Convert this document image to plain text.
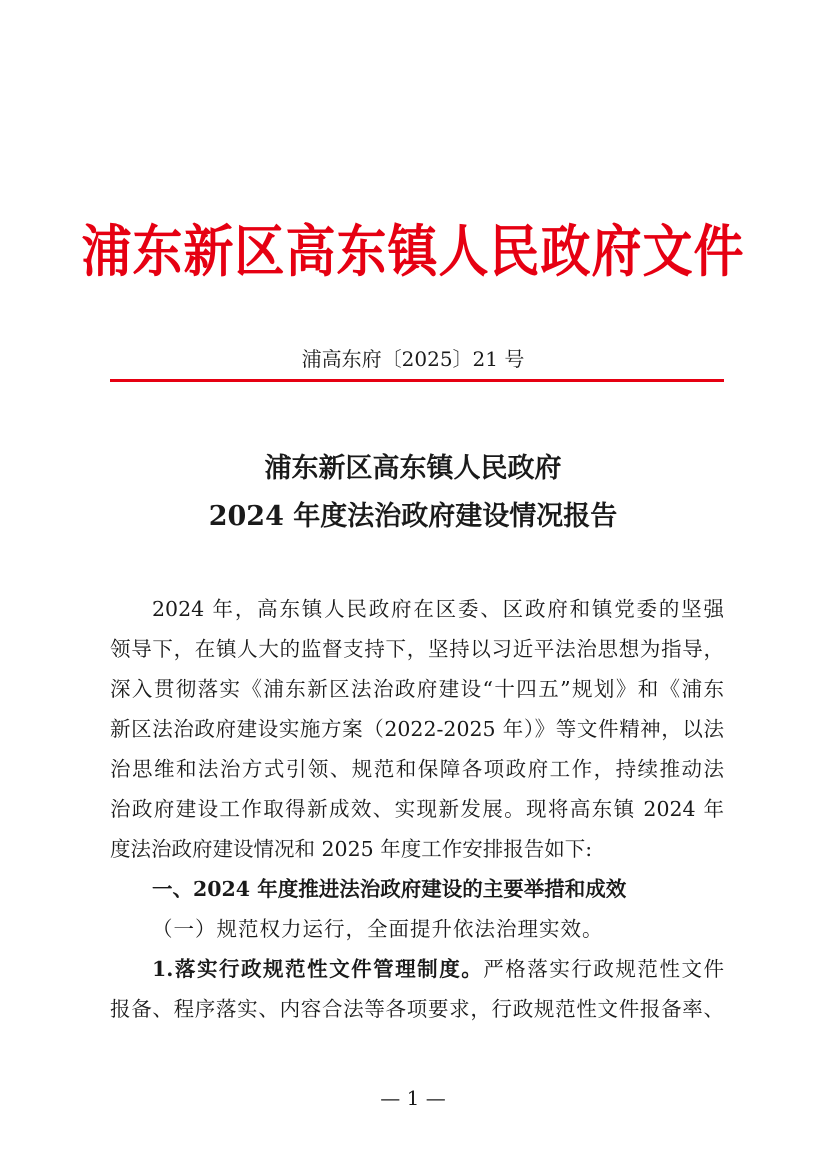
浦东新区高东镇人民政府文件
浦高东府〔2025〕21 号
浦东新区高东镇人民政府
2024 年度法治政府建设情况报告
2024 年，高东镇人民政府在区委、区政府和镇党委的坚强
领导下，在镇人大的监督支持下，坚持以习近平法治思想为指导，
深入贯彻落实《浦东新区法治政府建设“十四五”规划》和《浦东
新区法治政府建设实施方案（2022-2025 年）》等文件精神，以法
治思维和法治方式引领、规范和保障各项政府工作，持续推动法
治政府建设工作取得新成效、实现新发展。现将高东镇 2024 年
度法治政府建设情况和 2025 年度工作安排报告如下:
一、2024 年度推进法治政府建设的主要举措和成效
（一）规范权力运行，全面提升依法治理实效。
1.落实行政规范性文件管理制度。严格落实行政规范性文件
报备、程序落实、内容合法等各项要求，行政规范性文件报备率、
— 1 —
